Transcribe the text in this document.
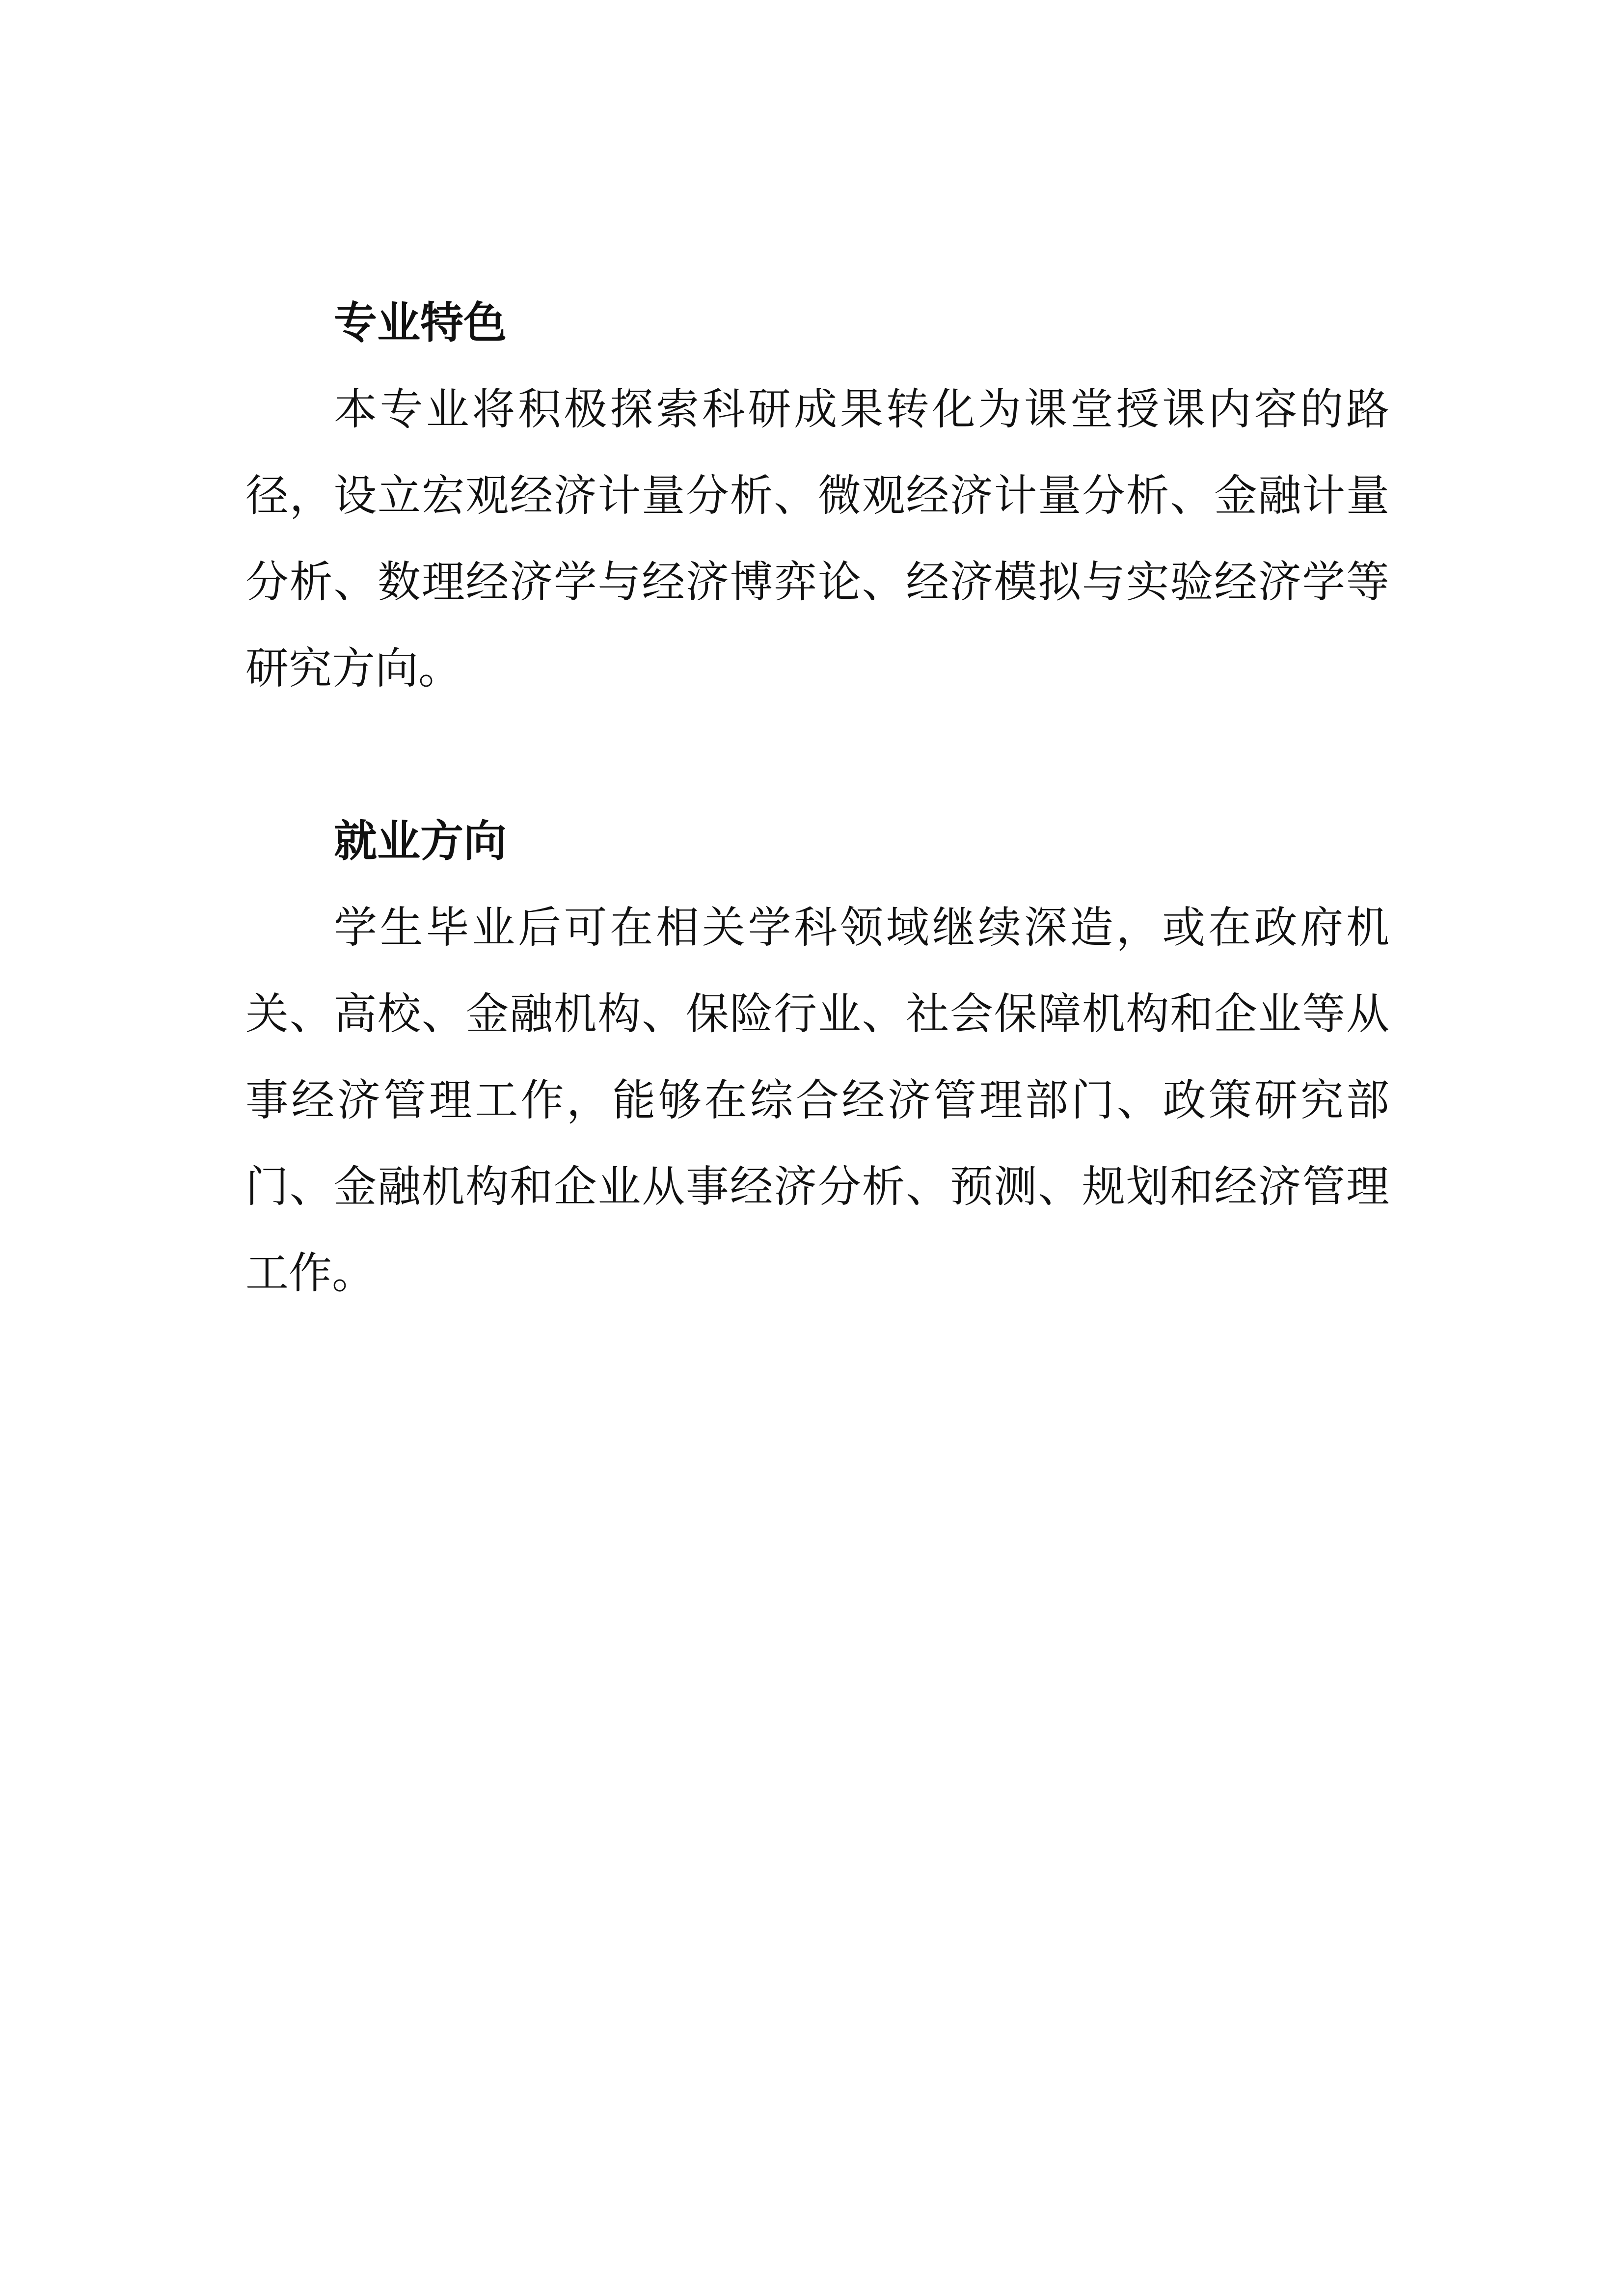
专业特色

本专业将积极探索科研成果转化为课堂授课内容的路径，设立宏观经济计量分析、微观经济计量分析、金融计量分析、数理经济学与经济博弈论、经济模拟与实验经济学等研究方向。

就业方向

学生毕业后可在相关学科领域继续深造，或在政府机关、高校、金融机构、保险行业、社会保障机构和企业等从事经济管理工作，能够在综合经济管理部门、政策研究部门、金融机构和企业从事经济分析、预测、规划和经济管理工作。
